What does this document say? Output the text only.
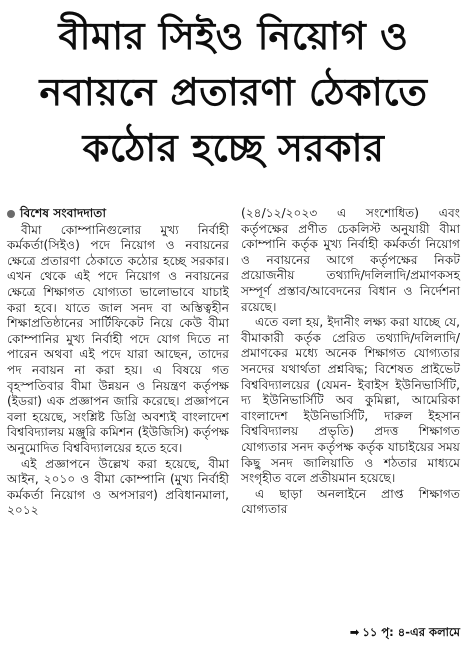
বীমার সিইও নিয়োগ ও
নবায়নে প্রতারণা ঠেকাতে
কঠোর হচ্ছে সরকার
বিশেষ সংবাদদাতা

বীমা কোম্পানিগুলোর মুখ্য নির্বাহী কর্মকর্তা(সিইও) পদে নিয়োগ ও নবায়নের ক্ষেত্রে প্রতারণা ঠেকাতে কঠোর হচ্ছে সরকার। এখন থেকে এই পদে নিয়োগ ও নবায়নের ক্ষেত্রে শিক্ষাগত যোগ্যতা ভালোভাবে যাচাই করা হবে। যাতে জাল সনদ বা অস্তিত্বহীন শিক্ষাপ্রতিষ্ঠানের সার্টিফিকেট নিয়ে কেউ বীমা কোম্পানির মুখ্য নির্বাহী পদে যোগ দিতে না পারেন অথবা এই পদে যারা আছেন, তাদের পদ নবায়ন না করা হয়। এ বিষয়ে গত বৃহস্পতিবার বীমা উন্নয়ন ও নিয়ন্ত্রণ কর্তৃপক্ষ (ইডরা) এক প্রজ্ঞাপন জারি করেছে। প্রজ্ঞাপনে বলা হয়েছে, সংশ্লিষ্ট ডিগ্রি অবশ্যই বাংলাদেশ বিশ্ববিদ্যালয় মঞ্জুরি কমিশন (ইউজিসি) কর্তৃপক্ষ অনুমোদিত বিশ্ববিদ্যালয়ের হতে হবে।

এই প্রজ্ঞাপনে উল্লেখ করা হয়েছে, বীমা আইন, ২০১০ ও বীমা কোম্পানি (মুখ্য নির্বাহী কর্মকর্তা নিয়োগ ও অপসারণ) প্রবিধানমালা, ২০১২

(২৪/১২/২০২৩ এ সংশোধিত) এবং কর্তৃপক্ষের প্রণীত চেকলিস্ট অনুযায়ী বীমা কোম্পানি কর্তৃক মুখ্য নির্বাহী কর্মকর্তা নিয়োগ ও নবায়নের আগে কর্তৃপক্ষের নিকট প্রয়োজনীয় তথ্যাদি/দলিলাদি/প্রমাণকসহ সম্পূর্ণ প্রস্তাব/আবেদনের বিধান ও নির্দেশনা রয়েছে।

এতে বলা হয়, ইদানীং লক্ষ্য করা যাচ্ছে যে, বীমাকারী কর্তৃক প্রেরিত তথ্যাদি/দলিলাদি/প্রমাণকের মধ্যে অনেক শিক্ষাগত যোগ্যতার সনদের যথার্থতা প্রশ্নবিদ্ধ; বিশেষত প্রাইভেট বিশ্ববিদ্যালয়ের (যেমন- ইবাইস ইউনিভার্সিটি, দ্য ইউনিভার্সিটি অব কুমিল্লা, আমেরিকা বাংলাদেশ ইউনিভার্সিটি, দারুল ইহসান বিশ্ববিদ্যালয় প্রভৃতি) প্রদত্ত শিক্ষাগত যোগ্যতার সনদ কর্তৃপক্ষ কর্তৃক যাচাইয়ের সময় কিছু সনদ জালিয়াতি ও শঠতার মাধ্যমে সংগৃহীত বলে প্রতীয়মান হয়েছে।

এ ছাড়া অনলাইনে প্রাপ্ত শিক্ষাগত যোগ্যতার

➡ ১১ পৃ: ৪-এর কলামে
